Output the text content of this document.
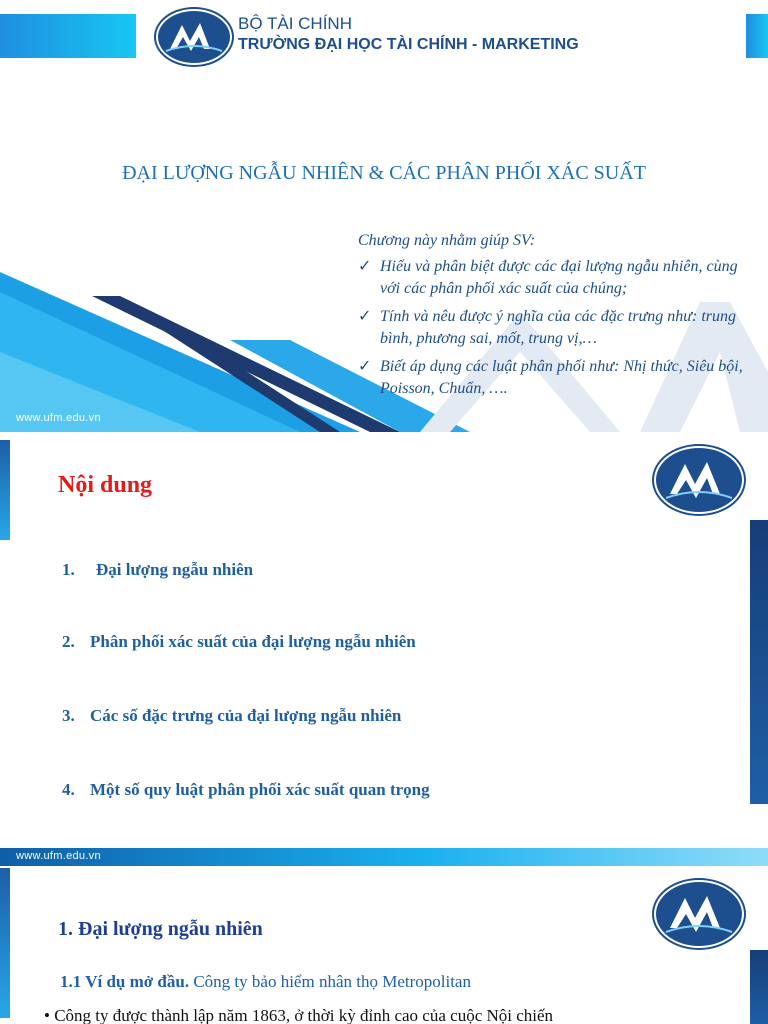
BỘ TÀI CHÍNH
TRƯỜNG ĐẠI HỌC TÀI CHÍNH - MARKETING
ĐẠI LƯỢNG NGẪU NHIÊN & CÁC PHÂN PHỐI XÁC SUẤT
www.ufm.edu.vn
Chương này nhằm giúp SV:
✓ Hiểu và phân biệt được các đại lượng ngẫu nhiên, cùng với các phân phối xác suất của chúng;
✓ Tính và nêu được ý nghĩa của các đặc trưng như: trung bình, phương sai, mốt, trung vị,…
✓ Biết áp dụng các luật phân phối như: Nhị thức, Siêu bội, Poisson, Chuẩn, ….
Nội dung
1. Đại lượng ngẫu nhiên
2. Phân phối xác suất của đại lượng ngẫu nhiên
3. Các số đặc trưng của đại lượng ngẫu nhiên
4. Một số quy luật phân phối xác suất quan trọng
www.ufm.edu.vn
1. Đại lượng ngẫu nhiên
1.1 Ví dụ mở đầu. Công ty bảo hiểm nhân thọ Metropolitan
• Công ty được thành lập năm 1863, ở thời kỳ đỉnh cao của cuộc Nội chiến
